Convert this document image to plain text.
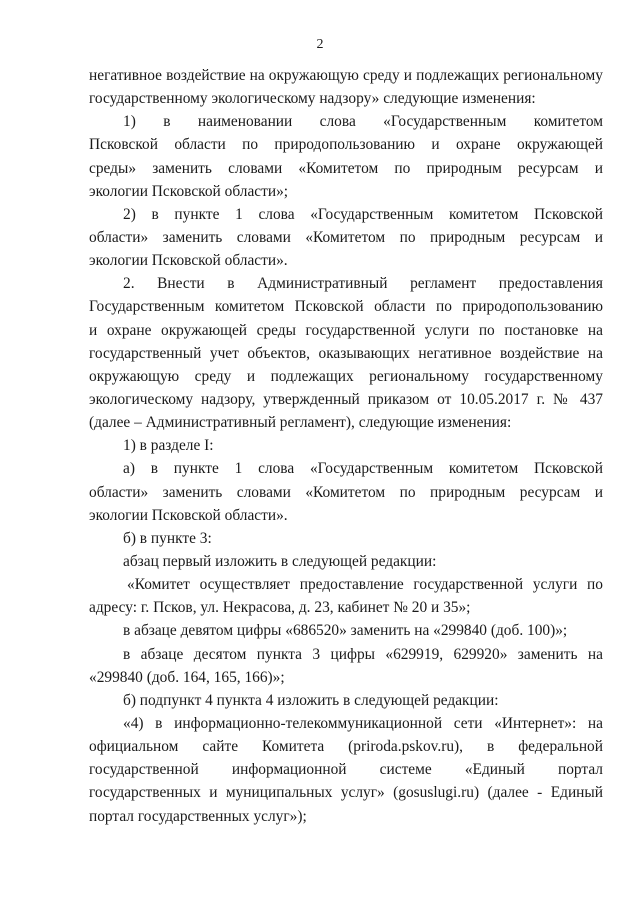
2

негативное воздействие на окружающую среду и подлежащих региональному
государственному экологическому надзору» следующие изменения:

1) в наименовании слова «Государственным комитетом
Псковской области по природопользованию и охране окружающей
среды» заменить словами «Комитетом по природным ресурсам и
экологии Псковской области»;

2) в пункте 1 слова «Государственным комитетом Псковской
области» заменить словами «Комитетом по природным ресурсам и
экологии Псковской области».

2. Внести в Административный регламент предоставления
Государственным комитетом Псковской области по природопользованию
и охране окружающей среды государственной услуги по постановке на
государственный учет объектов, оказывающих негативное воздействие на
окружающую среду и подлежащих региональному государственному
экологическому надзору, утвержденный приказом от 10.05.2017 г. № 437
(далее – Административный регламент), следующие изменения:

1) в разделе I:

а) в пункте 1 слова «Государственным комитетом Псковской
области» заменить словами «Комитетом по природным ресурсам и
экологии Псковской области».

б) в пункте 3:

абзац первый изложить в следующей редакции:

«Комитет осуществляет предоставление государственной услуги по
адресу: г. Псков, ул. Некрасова, д. 23, кабинет № 20 и 35»;

в абзаце девятом цифры «686520» заменить на «299840 (доб. 100)»;

в абзаце десятом пункта 3 цифры «629919, 629920» заменить на
«299840 (доб. 164, 165, 166)»;

б) подпункт 4 пункта 4 изложить в следующей редакции:

«4) в информационно-телекоммуникационной сети «Интернет»: на
официальном сайте Комитета (priroda.pskov.ru), в федеральной
государственной информационной системе «Единый портал
государственных и муниципальных услуг» (gosuslugi.ru) (далее - Единый
портал государственных услуг»);
